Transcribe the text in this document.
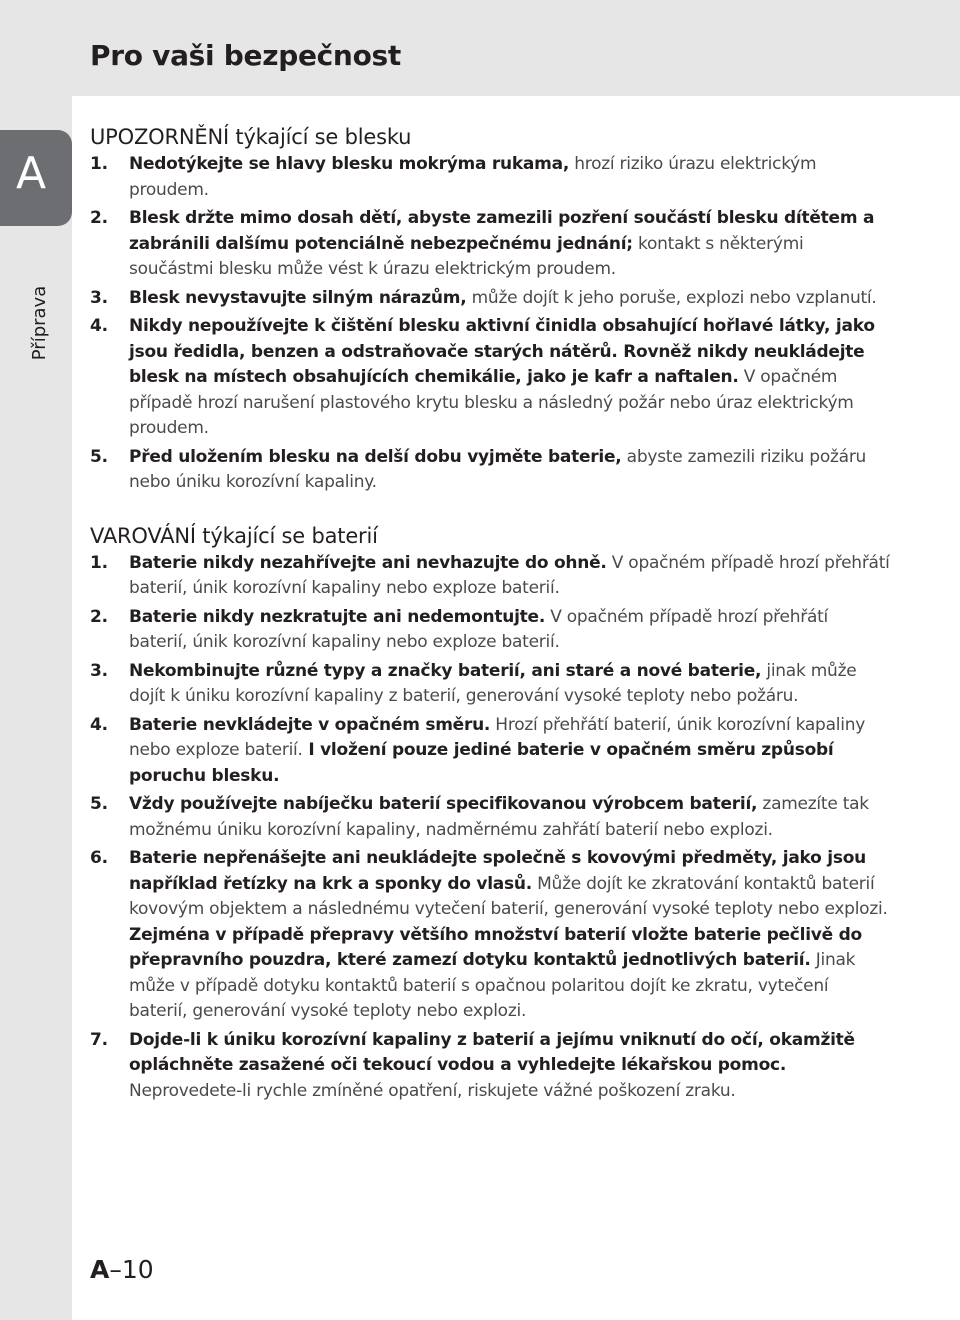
Pro vaši bezpečnost
A
Příprava
UPOZORNĚNÍ týkající se blesku
1. Nedotýkejte se hlavy blesku mokrýma rukama, hrozí riziko úrazu elektrickým proudem.
2. Blesk držte mimo dosah dětí, abyste zamezili pozření součástí blesku dítětem a zabránili dalšímu potenciálně nebezpečnému jednání; kontakt s některými součástmi blesku může vést k úrazu elektrickým proudem.
3. Blesk nevystavujte silným nárazům, může dojít k jeho poruše, explozi nebo vzplanutí.
4. Nikdy nepoužívejte k čištění blesku aktivní činidla obsahující hořlavé látky, jako jsou ředidla, benzen a odstraňovače starých nátěrů. Rovněž nikdy neukládejte blesk na místech obsahujících chemikálie, jako je kafr a naftalen. V opačném případě hrozí narušení plastového krytu blesku a následný požár nebo úraz elektrickým proudem.
5. Před uložením blesku na delší dobu vyjměte baterie, abyste zamezili riziku požáru nebo úniku korozívní kapaliny.
VAROVÁNÍ týkající se baterií
1. Baterie nikdy nezahřívejte ani nevhazujte do ohně. V opačném případě hrozí přehřátí baterií, únik korozívní kapaliny nebo exploze baterií.
2. Baterie nikdy nezkratujte ani nedemontujte. V opačném případě hrozí přehřátí baterií, únik korozívní kapaliny nebo exploze baterií.
3. Nekombinujte různé typy a značky baterií, ani staré a nové baterie, jinak může dojít k úniku korozívní kapaliny z baterií, generování vysoké teploty nebo požáru.
4. Baterie nevkládejte v opačném směru. Hrozí přehřátí baterií, únik korozívní kapaliny nebo exploze baterií. I vložení pouze jediné baterie v opačném směru způsobí poruchu blesku.
5. Vždy používejte nabíječku baterií specifikovanou výrobcem baterií, zamezíte tak možnému úniku korozívní kapaliny, nadměrnému zahřátí baterií nebo explozi.
6. Baterie nepřenášejte ani neukládejte společně s kovovými předměty, jako jsou například řetízky na krk a sponky do vlasů. Může dojít ke zkratování kontaktů baterií kovovým objektem a následnému vytečení baterií, generování vysoké teploty nebo explozi.
Zejména v případě přepravy většího množství baterií vložte baterie pečlivě do přepravního pouzdra, které zamezí dotyku kontaktů jednotlivých baterií. Jinak může v případě dotyku kontaktů baterií s opačnou polaritou dojít ke zkratu, vytečení baterií, generování vysoké teploty nebo explozi.
7. Dojde-li k úniku korozívní kapaliny z baterií a jejímu vniknutí do očí, okamžitě opláchněte zasažené oči tekoucí vodou a vyhledejte lékařskou pomoc. Neprovedete-li rychle zmíněné opatření, riskujete vážné poškození zraku.

A–10
